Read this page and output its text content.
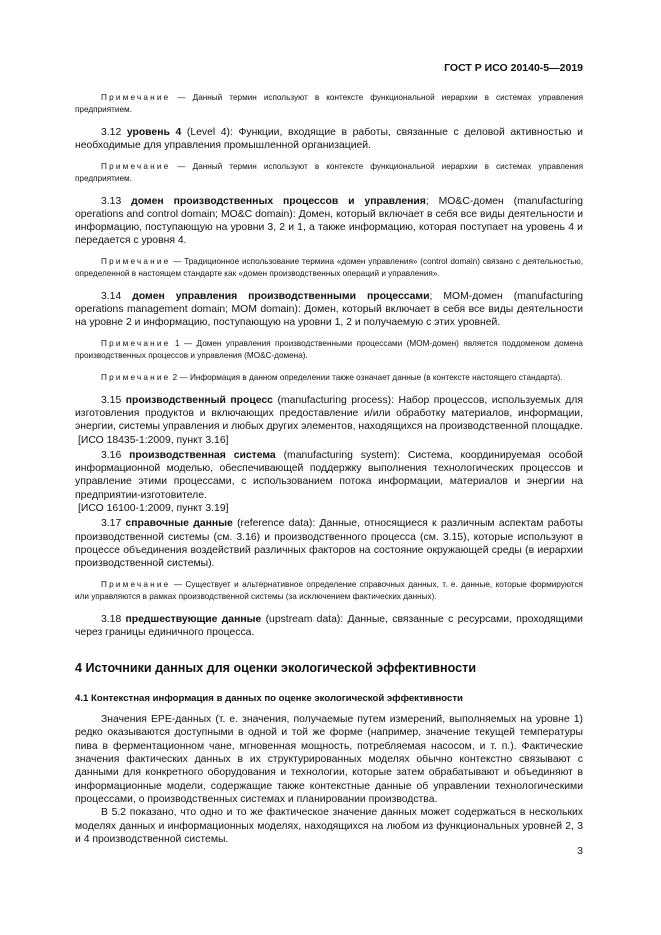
ГОСТ Р ИСО 20140-5—2019

Примечание — Данный термин используют в контексте функциональной иерархии в системах управления предприятием.

3.12 уровень 4 (Level 4): Функции, входящие в работы, связанные с деловой активностью и необходимые для управления промышленной организацией.

Примечание — Данный термин используют в контексте функциональной иерархии в системах управления предприятием.

3.13 домен производственных процессов и управления; МО&C-домен (manufacturing operations and control domain; MO&C domain): Домен, который включает в себя все виды деятельности и информацию, поступающую на уровни 3, 2 и 1, а также информацию, которая поступает на уровень 4 и передается с уровня 4.

Примечание — Традиционное использование термина «домен управления» (control domain) связано с деятельностью, определенной в настоящем стандарте как «домен производственных операций и управления».

3.14 домен управления производственными процессами; МОМ-домен (manufacturing operations management domain; MOM domain): Домен, который включает в себя все виды деятельности на уровне 2 и информацию, поступающую на уровни 1, 2 и получаемую с этих уровней.

Примечание 1 — Домен управления производственными процессами (MOM-домен) является поддоменом домена производственных процессов и управления (МО&С-домена).

Примечание 2 — Информация в данном определении также означает данные (в контексте настоящего стандарта).

3.15 производственный процесс (manufacturing process): Набор процессов, используемых для изготовления продуктов и включающих предоставление и/или обработку материалов, информации, энергии, системы управления и любых других элементов, находящихся на производственной площадке.

[ИСО 18435-1:2009, пункт 3.16]

3.16 производственная система (manufacturing system): Система, координируемая особой информационной моделью, обеспечивающей поддержку выполнения технологических процессов и управление этими процессами, с использованием потока информации, материалов и энергии на предприятии-изготовителе.

[ИСО 16100-1:2009, пункт 3.19]

3.17 справочные данные (reference data): Данные, относящиеся к различным аспектам работы производственной системы (см. 3.16) и производственного процесса (см. 3.15), которые используют в процессе объединения воздействий различных факторов на состояние окружающей среды (в иерархии производственной системы).

Примечание — Существует и альтернативное определение справочных данных, т. е. данные, которые формируются или управляются в рамках производственной системы (за исключением фактических данных).

3.18 предшествующие данные (upstream data): Данные, связанные с ресурсами, проходящими через границы единичного процесса.

4 Источники данных для оценки экологической эффективности

4.1 Контекстная информация в данных по оценке экологической эффективности

Значения EPE-данных (т. е. значения, получаемые путем измерений, выполняемых на уровне 1) редко оказываются доступными в одной и той же форме (например, значение текущей температуры пива в ферментационном чане, мгновенная мощность, потребляемая насосом, и т. п.). Фактические значения фактических данных в их структурированных моделях обычно контекстно связывают с данными для конкретного оборудования и технологии, которые затем обрабатывают и объединяют в информационные модели, содержащие также контекстные данные об управлении технологическими процессами, о производственных системах и планировании производства.

В 5.2 показано, что одно и то же фактическое значение данных может содержаться в нескольких моделях данных и информационных моделях, находящихся на любом из функциональных уровней 2, 3 и 4 производственной системы.

3
